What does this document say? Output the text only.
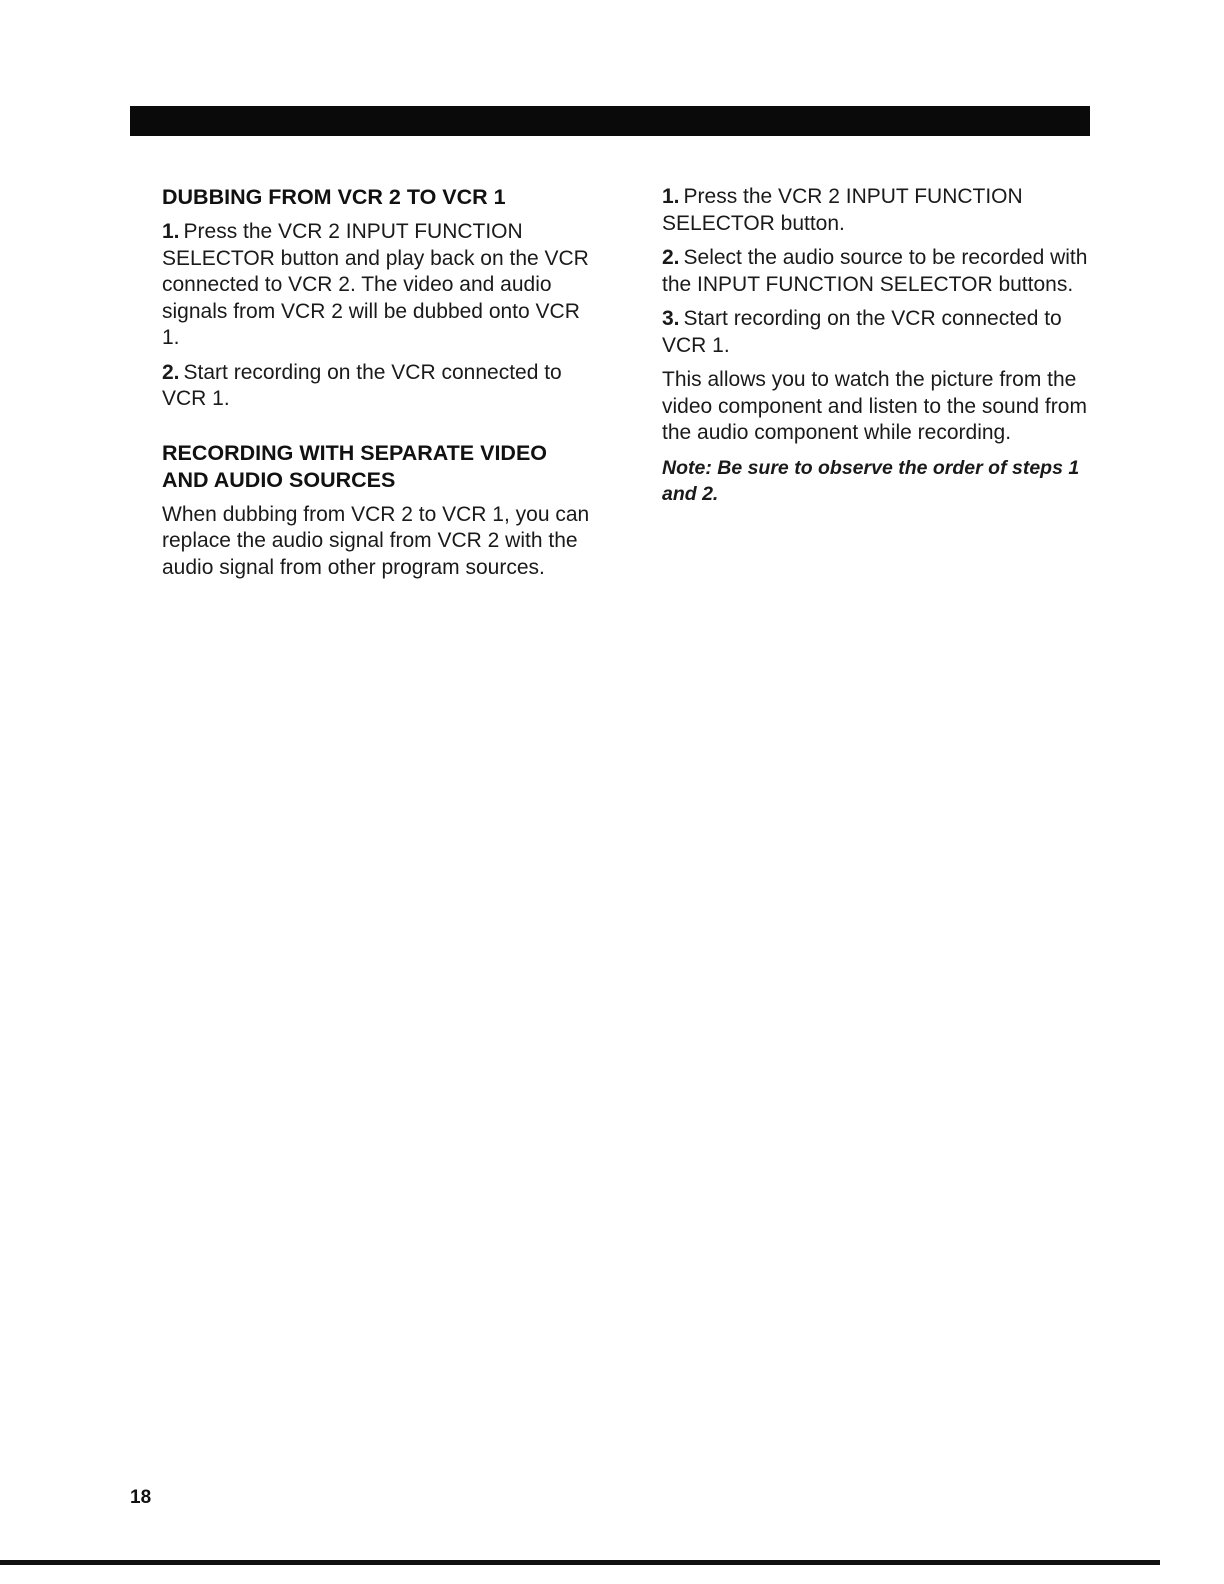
DUBBING FROM VCR 2 TO VCR 1

1. Press the VCR 2 INPUT FUNCTION SELECTOR button and play back on the VCR connected to VCR 2. The video and audio signals from VCR 2 will be dubbed onto VCR 1.

2. Start recording on the VCR connected to VCR 1.

RECORDING WITH SEPARATE VIDEO AND AUDIO SOURCES

When dubbing from VCR 2 to VCR 1, you can replace the audio signal from VCR 2 with the audio signal from other program sources.

1. Press the VCR 2 INPUT FUNCTION SELECTOR button.

2. Select the audio source to be recorded with the INPUT FUNCTION SELECTOR buttons.

3. Start recording on the VCR connected to VCR 1.

This allows you to watch the picture from the video component and listen to the sound from the audio component while recording.

Note: Be sure to observe the order of steps 1 and 2.

18
